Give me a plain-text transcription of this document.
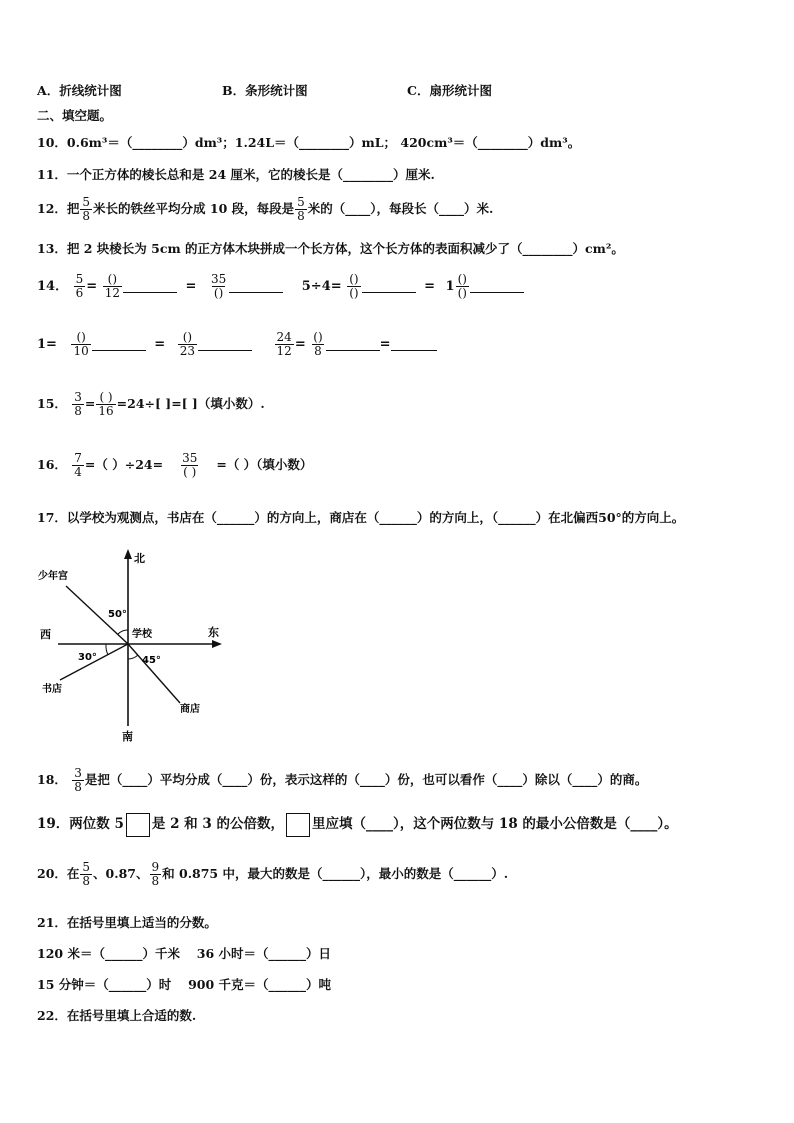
A．折线统计图	B．条形统计图	C．扇形统计图
二、填空题。
10．0.6m³＝（________）dm³；1.24L＝（________）mL； 420cm³＝（________）dm³。
11．一个正方体的棱长总和是 24 厘米，它的棱长是（________）厘米.
12．把 $\frac{5}{8}$ 米长的铁丝平均分成 10 段，每段是 $\frac{5}{8}$ 米的（____），每段长（____）米.
13．把 2 块棱长为 5cm 的正方体木块拼成一个长方体，这个长方体的表面积减少了（________）cm²。
14． $\frac{5}{6} = \frac{()}{12}$	= $\frac{35}{()}$	$5\div 4= \frac{()}{()}$	= $1 \frac{()}{()}$
$1= \frac{()}{10}$	= $\frac{()}{23}$
	$\frac{24}{12} = \frac{()}{8}$	=
15． $\frac{3}{8} = \frac{( )}{16} =24\div$[ ]=[ ]（填小数）.
16． $\frac{7}{4}$ =（ ）$\div 24= \frac{35}{( )}$ =（ ）（填小数）
17．以学校为观测点，书店在（______）的方向上，商店在（______）的方向上，（______）在北偏西50°的方向上。
北
南
东
西	学校
少年宫
书店
商店
50°
30°	45°
18． $\frac{3}{8}$ 是把（____）平均分成（____）份，表示这样的（____）份，也可以看作（____）除以（____）的商。
19．两位数 5 是 2 和 3 的公倍数， 里应填（____），这个两位数与 18 的最小公倍数是（____）。
20．在 $\frac{5}{8}$ 、0.87、 $\frac{9}{8}$ 和 0.875 中，最大的数是（______），最小的数是（______）.
21．在括号里填上适当的分数。
120 米＝（______）千米　 36 小时＝（______）日
15 分钟＝（______）时　 900 千克＝（______）吨
22．在括号里填上合适的数.
